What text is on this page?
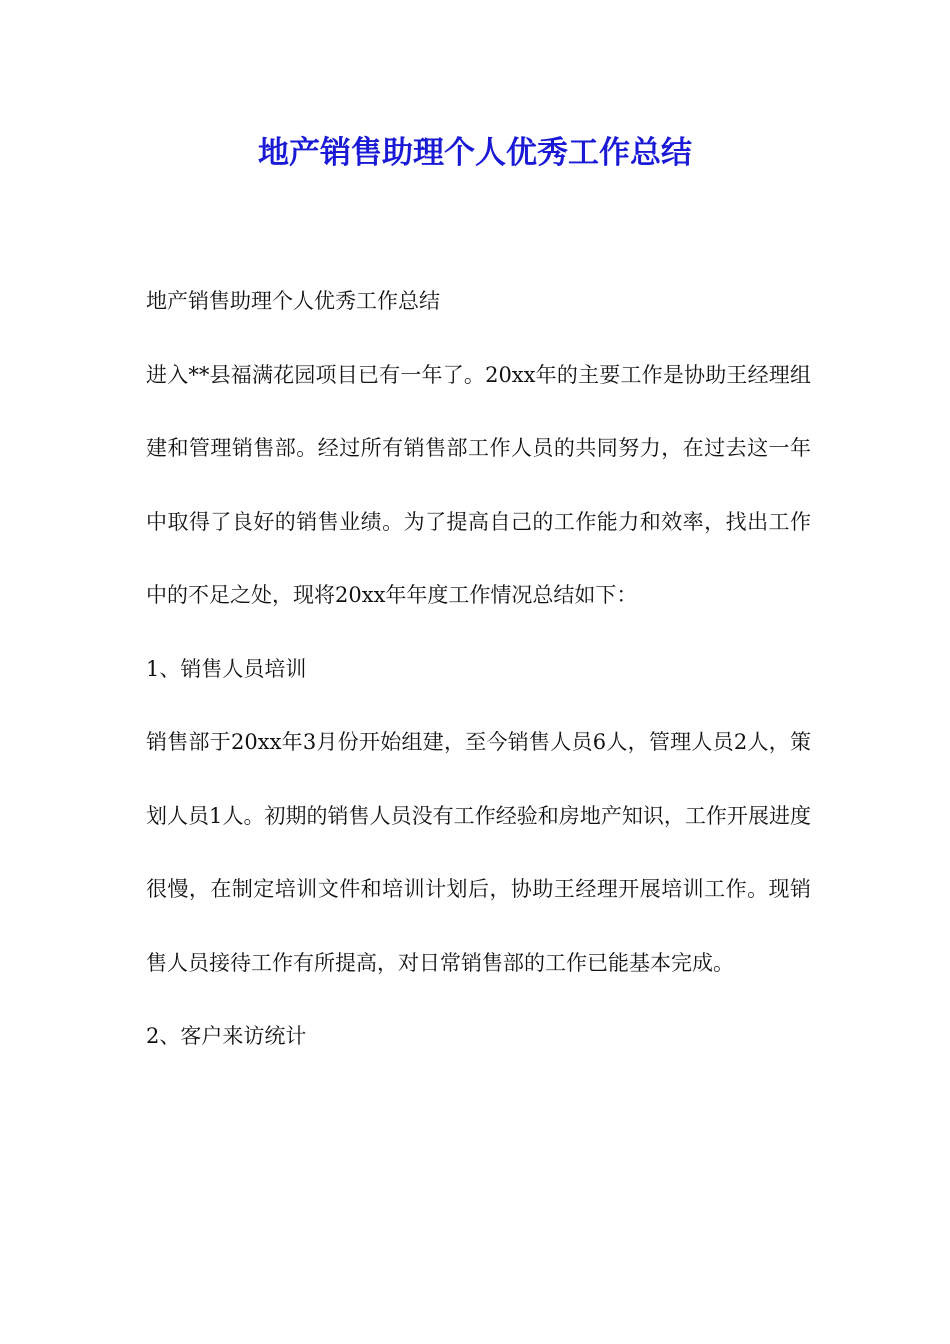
地产销售助理个人优秀工作总结

地产销售助理个人优秀工作总结

进入**县福满花园项目已有一年了。20xx年的主要工作是协助王经理组建和管理销售部。经过所有销售部工作人员的共同努力，在过去这一年中取得了良好的销售业绩。为了提高自己的工作能力和效率，找出工作中的不足之处，现将20xx年年度工作情况总结如下：

1、销售人员培训

销售部于20xx年3月份开始组建，至今销售人员6人，管理人员2人，策划人员1人。初期的销售人员没有工作经验和房地产知识，工作开展进度很慢，在制定培训文件和培训计划后，协助王经理开展培训工作。现销售人员接待工作有所提高，对日常销售部的工作已能基本完成。

2、客户来访统计
